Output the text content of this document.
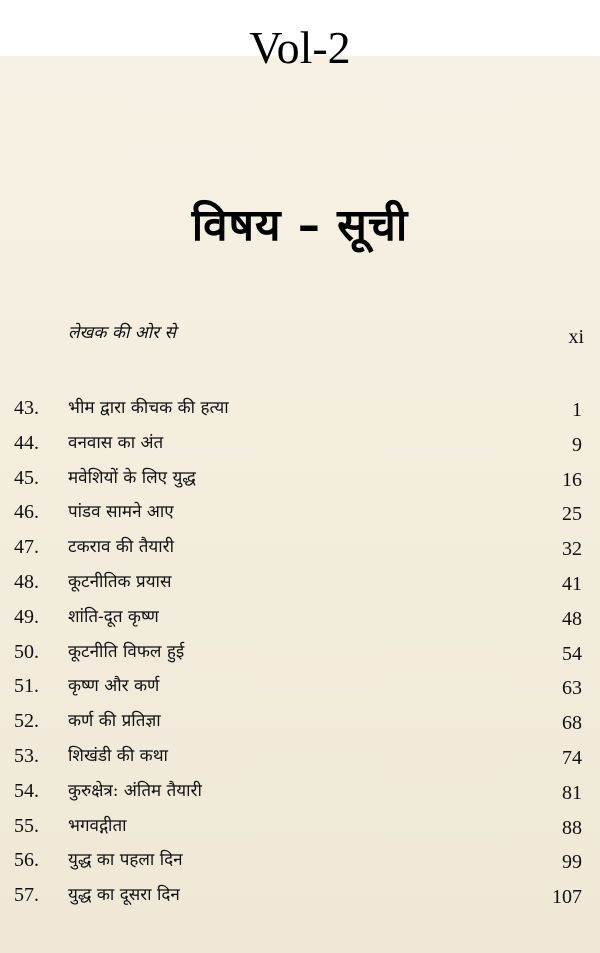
Vol-2
विषय – सूची
लेखक की ओर से	xi
43. भीम द्वारा कीचक की हत्या	1
44. वनवास का अंत	9
45. मवेशियों के लिए युद्ध	16
46. पांडव सामने आए	25
47. टकराव की तैयारी	32
48. कूटनीतिक प्रयास	41
49. शांति-दूत कृष्ण	48
50. कूटनीति विफल हुई	54
51. कृष्ण और कर्ण	63
52. कर्ण की प्रतिज्ञा	68
53. शिखंडी की कथा	74
54. कुरुक्षेत्र: अंतिम तैयारी	81
55. भगवद्गीता	88
56. युद्ध का पहला दिन	99
57. युद्ध का दूसरा दिन	107
